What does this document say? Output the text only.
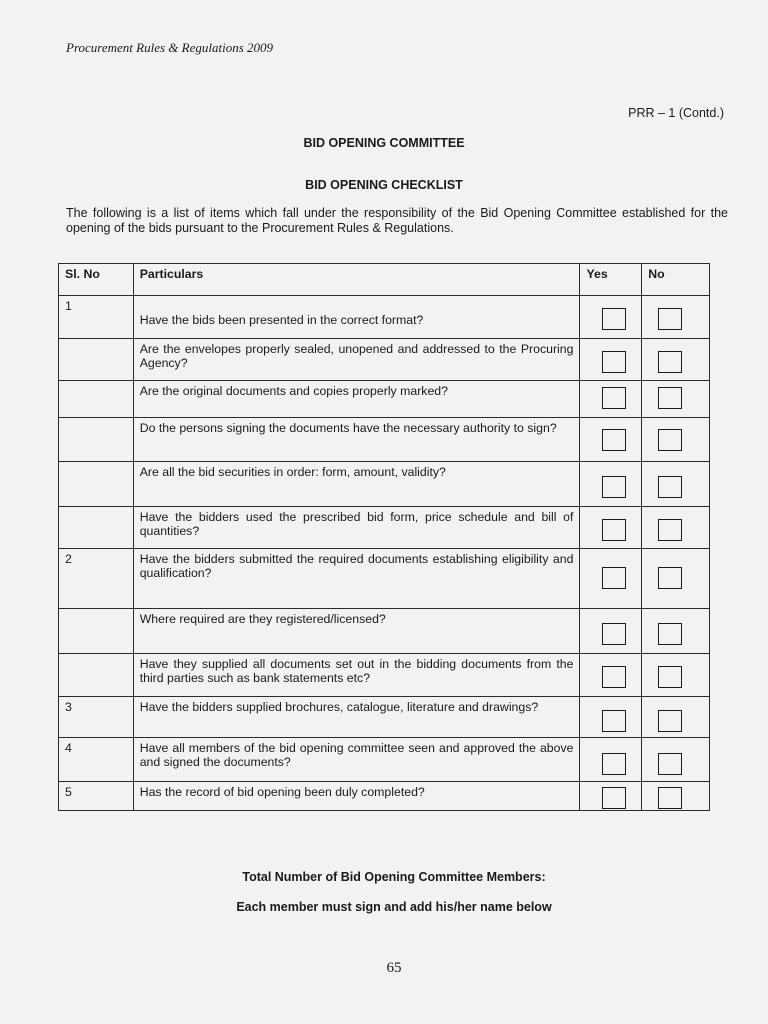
Procurement Rules & Regulations 2009
PRR – 1 (Contd.)
BID OPENING COMMITTEE
BID OPENING CHECKLIST
The following is a list of items which fall under the responsibility of the Bid Opening Committee established for the opening of the bids pursuant to the Procurement Rules & Regulations.
Sl. No	Particulars	Yes	No
1	Have the bids been presented in the correct format?	

	Are the envelopes properly sealed, unopened and addressed to the Procuring Agency?	

	Are the original documents and copies properly marked?	

	Do the persons signing the documents have the necessary authority to sign?	

	Are all the bid securities in order: form, amount, validity?	

	Have the bidders used the prescribed bid form, price schedule and bill of quantities?	

2	Have the bidders submitted the required documents establishing eligibility and qualification?	

	Where required are they registered/licensed?	

	Have they supplied all documents set out in the bidding documents from the third parties such as bank statements etc?	

3	Have the bidders supplied brochures, catalogue, literature and drawings?	

4	Have all members of the bid opening committee seen and approved the above and signed the documents?	

5	Has the record of bid opening been duly completed?	

Total Number of Bid Opening Committee Members:
Each member must sign and add his/her name below
65
